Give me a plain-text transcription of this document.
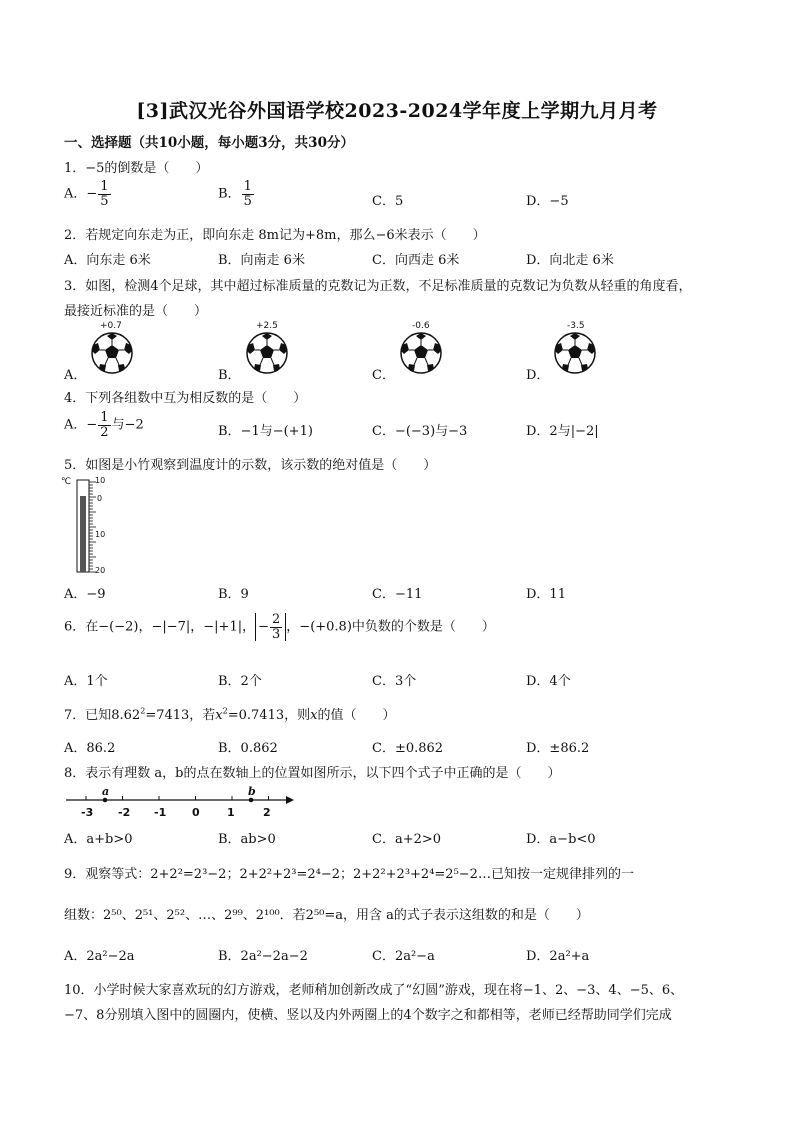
[3]武汉光谷外国语学校2023-2024学年度上学期九月月考
一、选择题（共10小题，每小题3分，共30分）
1．−5的倒数是（　　）
A．− $\frac{1}{5}$	B． $\frac{1}{5}$	C．5	D．−5
2．若规定向东走为正，即向东走 8m记为+8m，那么−6米表示（　　）
A．向东走 6米	B．向南走 6米	C．向西走 6米	D．向北走 6米
3．如图，检测4个足球，其中超过标准质量的克数记为正数，不足标准质量的克数记为负数从轻重的角度看，
最接近标准的是（　　）
+0.7	+2.5	-0.6	-3.5
A．	B．	C．	D．
4．下列各组数中互为相反数的是（　　）
A．− $\frac{1}{2}$ 与−2	B．−1与−(+1)	C．−(−3)与−3	D．2与|−2|
5．如图是小竹观察到温度计的示数，该示数的绝对值是（　　）
℃	10
0
10
20
A．−9	B．9	C．−11	D．11
6．在−(−2)，−|−7|，−|+1|， − $\frac{2}{3}$ ，−(+0.8)中负数的个数是（　　）
A．1个	B．2个	C．3个	D．4个
7．已知$8.62^2=7413$，若$x^2=0.7413$，则x的值（　　）
A．86.2	B．0.862	C．±0.862	D．±86.2
8．表示有理数 a，b的点在数轴上的位置如图所示，以下四个式子中正确的是（　　）
a	b
-3 -2 -1 0 1	2
A．a+b>0	B．ab>0	C．a+2>0	D．a−b<0
9．观察等式：2+2²=2³−2；2+2²+2³=2⁴−2；2+2²+2³+2⁴=2⁵−2…已知按一定规律排列的一
组数：2⁵⁰、2⁵¹、2⁵²、…、2⁹⁹、2¹⁰⁰．若2⁵⁰=a，用含 a的式子表示这组数的和是（　　）
A．2a²−2a	B．2a²−2a−2	C．2a²−a	D．2a²+a
10．小学时候大家喜欢玩的幻方游戏，老师稍加创新改成了“幻圆”游戏，现在将−1、2、−3、4、−5、6、
−7、8分别填入图中的圆圈内，使横、竖以及内外两圈上的4个数字之和都相等，老师已经帮助同学们完成
